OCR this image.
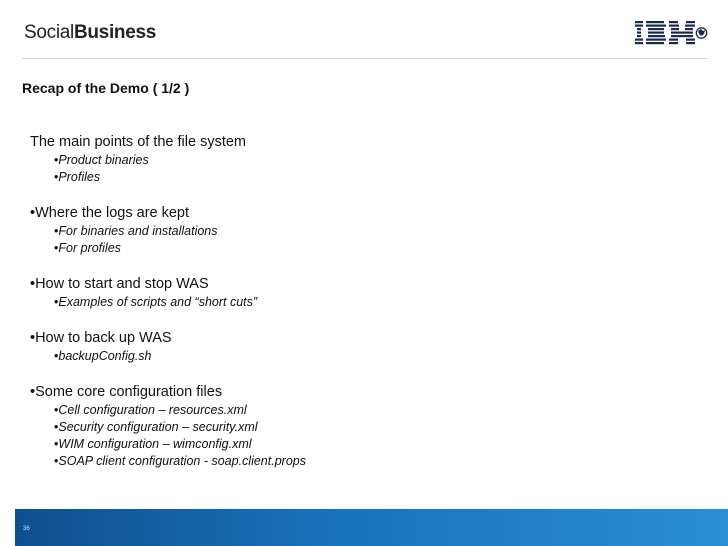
SocialBusiness
Recap of the Demo ( 1/2 )
The main points of the file system
•Product binaries
•Profiles
•Where the logs are kept
•For binaries and installations
•For profiles
•How to start and stop WAS
•Examples of scripts and “short cuts”
•How to back up WAS
•backupConfig.sh
•Some core configuration files
•Cell configuration – resources.xml
•Security configuration – security.xml
•WIM configuration – wimconfig.xml
•SOAP client configuration - soap.client.props
36
